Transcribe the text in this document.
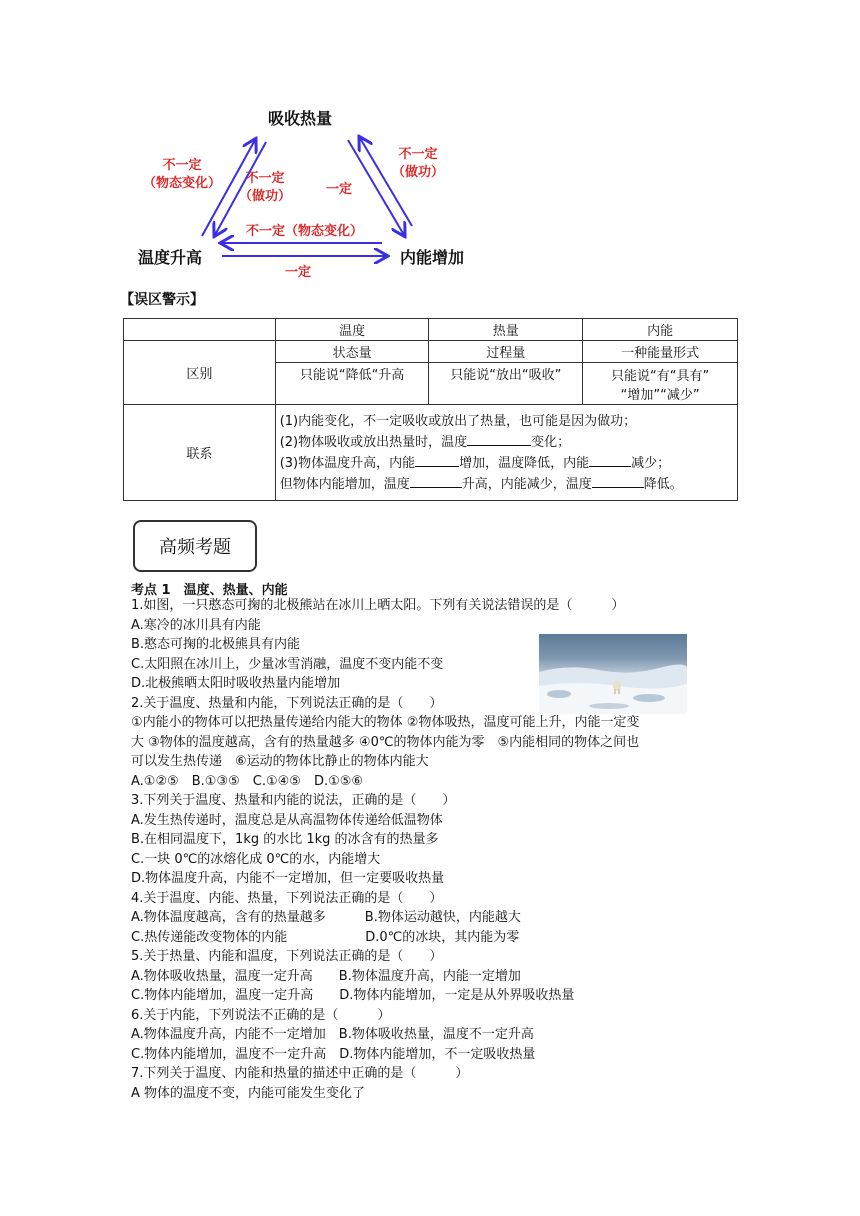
吸收热量
温度升高	内能增加
不一定
（物态变化）	不一定
（做功）	一定
不一定
（做功）
不一定（物态变化）
一定
【误区警示】
	温度	热量	内能
区别	状态量	过程量	一种能量形式
	只能说“降低“升高	只能说“放出“吸收”	只能说“有“具有”
“增加”“减少”

联系	(1)内能变化，不一定吸收或放出了热量，也可能是因为做功；
(2)物体吸收或放出热量时，温度 变化；
(3)物体温度升高，内能 增加，温度降低，内能 减少；
但物体内能增加，温度 升高，内能减少，温度 降低。		
高频考题
考点 1　温度、热量、内能
1.如图，一只憨态可掬的北极熊站在冰川上晒太阳。下列有关说法错误的是（　　　）
A.寒冷的冰川具有内能
B.憨态可掬的北极熊具有内能
C.太阳照在冰川上，少量冰雪消融，温度不变内能不变
D.北极熊晒太阳时吸收热量内能增加
2.关于温度、热量和内能，下列说法正确的是（　　）
①内能小的物体可以把热量传递给内能大的物体 ②物体吸热，温度可能上升，内能一定变
大 ③物体的温度越高，含有的热量越多 ④0℃的物体内能为零　⑤内能相同的物体之间也
可以发生热传递　⑥运动的物体比静止的物体内能大
A.①②⑤　B.①③⑤　C.①④⑤　D.①⑤⑥
3.下列关于温度、热量和内能的说法，正确的是（　　）
A.发生热传递时，温度总是从高温物体传递给低温物体
B.在相同温度下，1kg 的水比 1kg 的冰含有的热量多
C.一块 0℃的冰熔化成 0℃的水，内能增大
D.物体温度升高，内能不一定增加，但一定要吸收热量
4.关于温度、内能、热量，下列说法正确的是（　　）
A.物体温度越高，含有的热量越多　　　B.物体运动越快，内能越大
C.热传递能改变物体的内能　　　　　　D.0℃的冰块，其内能为零
5.关于热量、内能和温度，下列说法正确的是（　　）
A.物体吸收热量，温度一定升高　　B.物体温度升高，内能一定增加
C.物体内能增加，温度一定升高　　D.物体内能增加，一定是从外界吸收热量
6.关于内能，下列说法不正确的是（　　　）
A.物体温度升高，内能不一定增加　B.物体吸收热量，温度不一定升高
C.物体内能增加，温度不一定升高　D.物体内能增加，不一定吸收热量
7.下列关于温度、内能和热量的描述中正确的是（　　　）
A 物体的温度不变，内能可能发生变化了
